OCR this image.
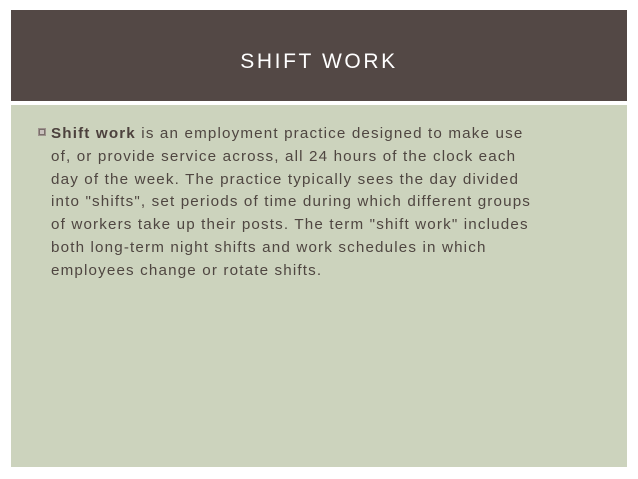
SHIFT WORK
Shift work is an employment practice designed to make use
of, or provide service across, all 24 hours of the clock each
day of the week. The practice typically sees the day divided
into "shifts", set periods of time during which different groups
of workers take up their posts. The term "shift work" includes
both long-term night shifts and work schedules in which
employees change or rotate shifts.
